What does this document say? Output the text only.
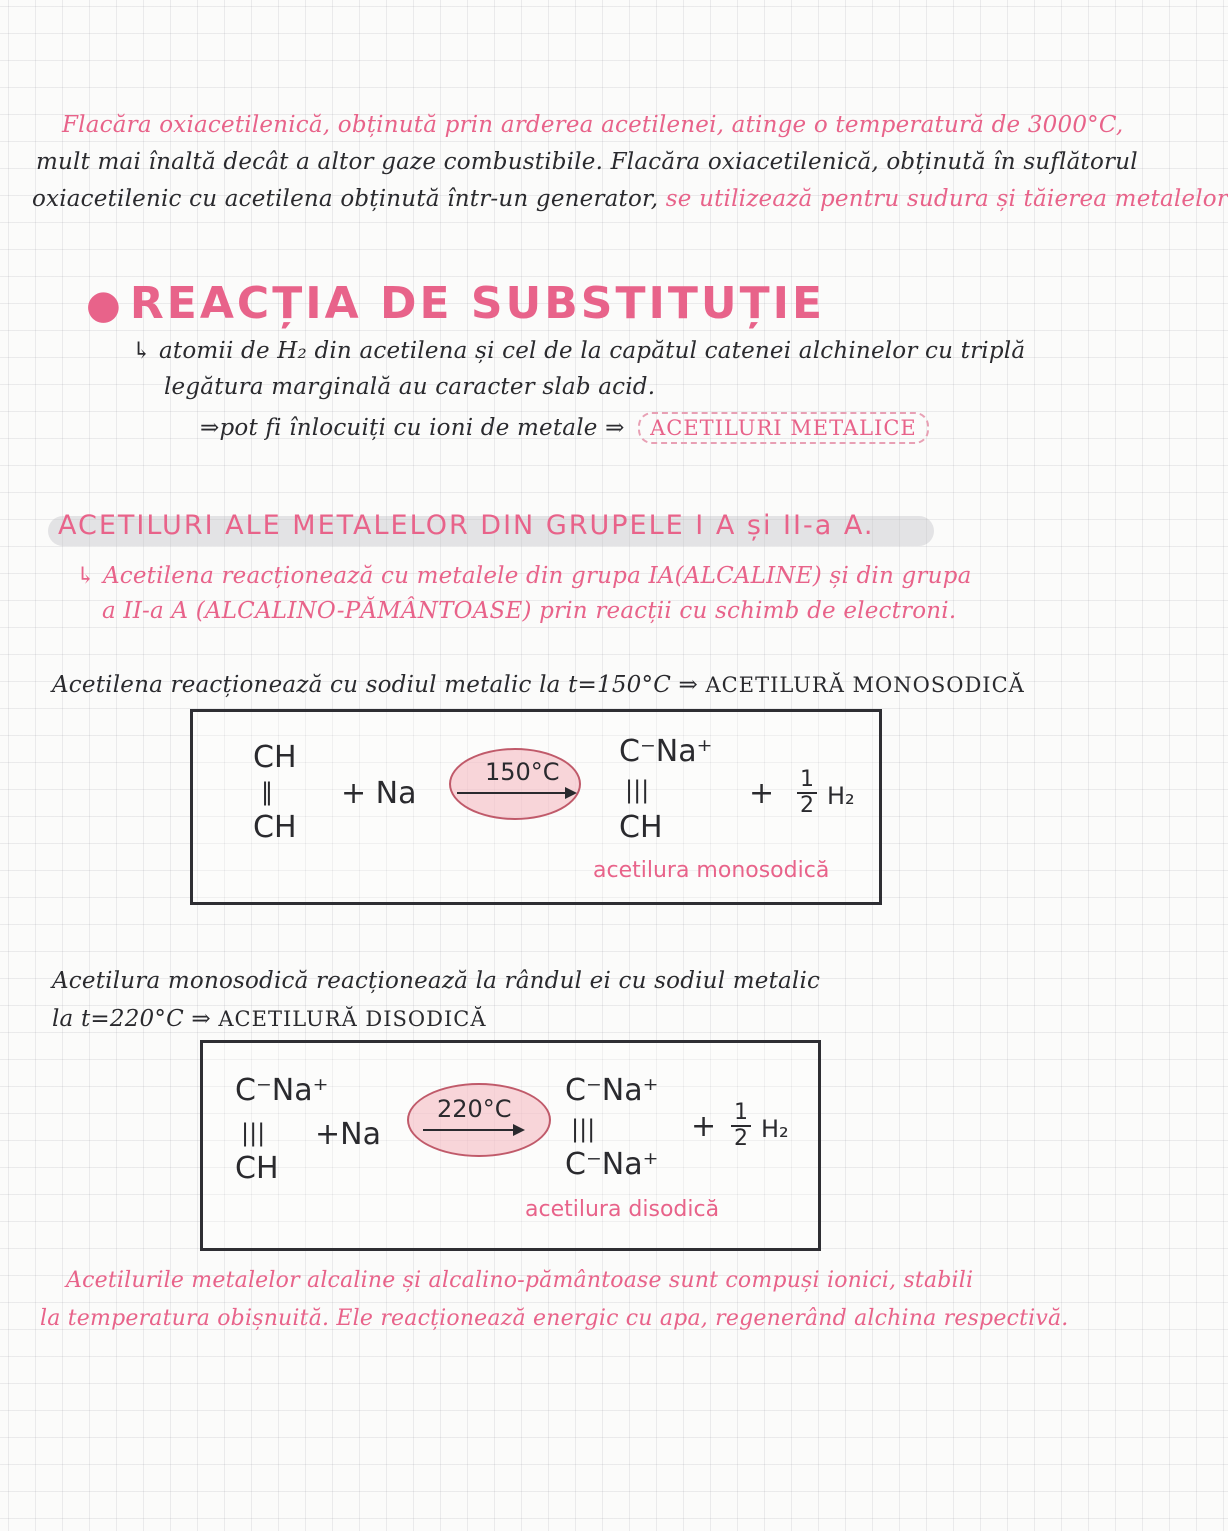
Flacăra oxiacetilenică, obținută prin arderea acetilenei, atinge o temperatură de 3000°C,
mult mai înaltă decât a altor gaze combustibile. Flacăra oxiacetilenică, obținută în suflătorul
oxiacetilenic cu acetilena obținută într-un generator, se utilizează pentru sudura și tăierea metalelor
● REACȚIA DE SUBSTITUȚIE
↳ atomii de H₂ din acetilena și cel de la capătul catenei alchinelor cu triplă
legătura marginală au caracter slab acid.
⇒pot fi înlocuiți cu ioni de metale ⇒ ACETILURI METALICE
ACETILURI ALE METALELOR DIN GRUPELE I A și II-a A.
↳ Acetilena reacționează cu metalele din grupa IA(ALCALINE) și din grupa
a II-a A (ALCALINO-PĂMÂNTOASE) prin reacții cu schimb de electroni.
Acetilena reacționează cu sodiul metalic la t=150°C ⇒ ACETILURĂ MONOSODICĂ
CH
‖
CH
+ Na
150°C
C⁻Na⁺
|||
CH
+ $\frac{1}{2} H_2$
acetilura monosodică
Acetilura monosodică reacționează la rândul ei cu sodiul metalic
la t=220°C ⇒ ACETILURĂ DISODICĂ
C⁻Na⁺
|||
CH
+Na
220°C
C⁻Na⁺
|||
C⁻Na⁺
+ $\frac{1}{2} H_2$
acetilura disodică
Acetilurile metalelor alcaline și alcalino-pământoase sunt compuși ionici, stabili
la temperatura obișnuită. Ele reacționează energic cu apa, regenerând alchina respectivă.
